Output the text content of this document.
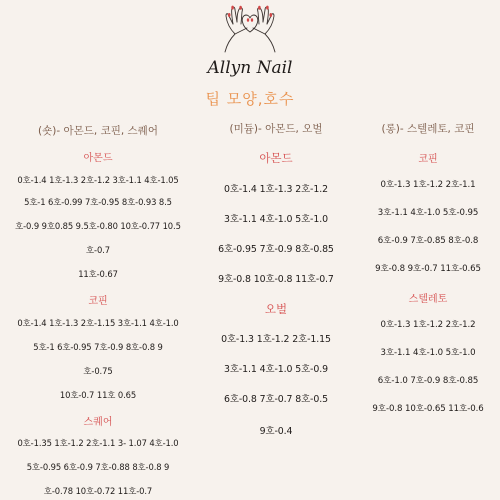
Allyn Nail
팁 모양,호수
(숏)- 아몬드, 코핀, 스퀘어
아몬드
0호-1.4 1호-1.3 2호-1.2 3호-1.1 4호-1.05
5호-1 6호-0.99 7호-0.95 8호-0.93 8.5
호-0.9 9호0.85 9.5호-0.80 10호-0.77 10.5
호-0.7
11호-0.67
코핀
0호-1.4 1호-1.3 2호-1.15 3호-1.1 4호-1.0
5호-1 6호-0.95 7호-0.9 8호-0.8 9
호-0.75
10호-0.7 11호 0.65
스퀘어
0호-1.35 1호-1.2 2호-1.1 3- 1.07 4호-1.0
5호-0.95 6호-0.9 7호-0.88 8호-0.8 9
호-0.78 10호-0.72 11호-0.7
(미듐)- 아몬드, 오벌
아몬드
0호-1.4 1호-1.3 2호-1.2
3호-1.1 4호-1.0 5호-1.0
6호-0.95 7호-0.9 8호-0.85
9호-0.8 10호-0.8 11호-0.7
오벌
0호-1.3 1호-1.2 2호-1.15
3호-1.1 4호-1.0 5호-0.9
6호-0.8 7호-0.7 8호-0.5
9호-0.4
(롱)- 스텔레토, 코핀
코핀
0호-1.3 1호-1.2 2호-1.1
3호-1.1 4호-1.0 5호-0.95
6호-0.9 7호-0.85 8호-0.8
9호-0.8 9호-0.7 11호-0.65
스텔레토
0호-1.3 1호-1.2 2호-1.2
3호-1.1 4호-1.0 5호-1.0
6호-1.0 7호-0.9 8호-0.85
9호-0.8 10호-0.65 11호-0.6
